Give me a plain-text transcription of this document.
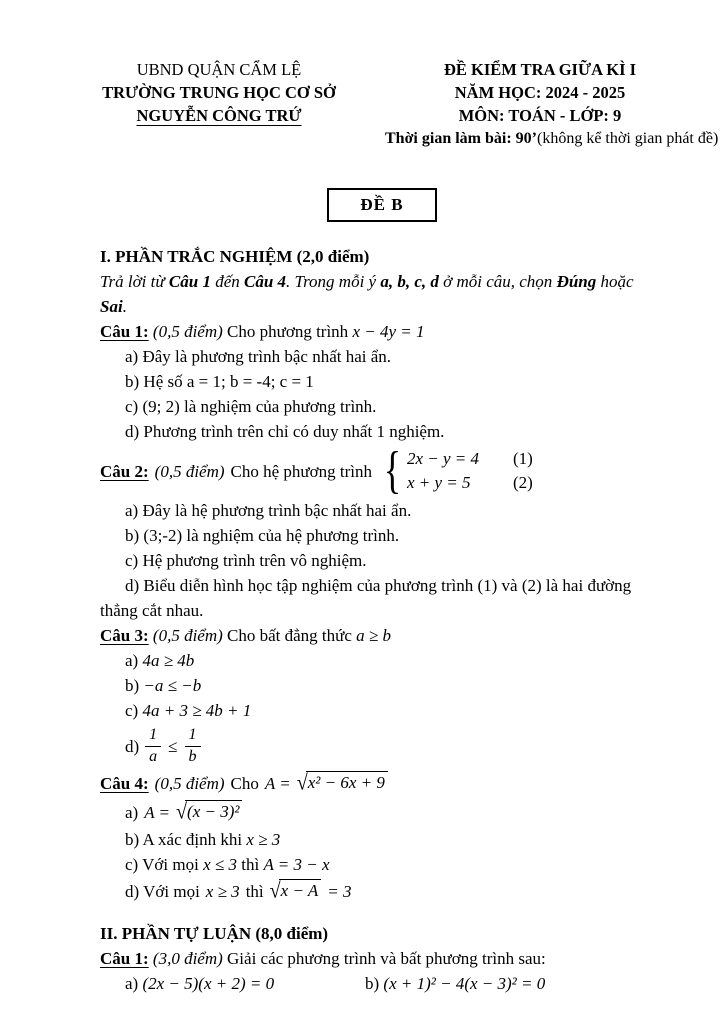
UBND QUẬN CẨM LỆ
TRƯỜNG TRUNG HỌC CƠ SỞ
NGUYỄN CÔNG TRỨ
ĐỀ KIỂM TRA GIỮA KÌ I
NĂM HỌC: 2024 - 2025
MÔN: TOÁN - LỚP: 9
Thời gian làm bài: 90’(không kể thời gian phát đề)
ĐỀ B

I. PHẦN TRẮC NGHIỆM (2,0 điểm)

Trả lời từ Câu 1 đến Câu 4. Trong mỗi ý a, b, c, d ở mỗi câu, chọn Đúng hoặc Sai.

Câu 1: (0,5 điểm) Cho phương trình x − 4y = 1

a) Đây là phương trình bậc nhất hai ẩn.

b) Hệ số a = 1; b = -4; c = 1

c) (9; 2) là nghiệm của phương trình.

d) Phương trình trên chỉ có duy nhất 1 nghiệm.

Câu 2: (0,5 điểm) Cho hệ phương trình { 2x − y = 4	(1)
x + y = 5	(2)

a) Đây là hệ phương trình bậc nhất hai ẩn.

b) (3;-2) là nghiệm của hệ phương trình.

c) Hệ phương trình trên vô nghiệm.

d) Biểu diễn hình học tập nghiệm của phương trình (1) và (2) là hai đường thẳng cắt nhau.

Câu 3: (0,5 điểm) Cho bất đẳng thức a ≥ b

a) 4a ≥ 4b

b) −a ≤ −b

c) 4a + 3 ≥ 4b + 1

$d) \frac{1}{a} \le \frac{1}{b}$
Câu 4: (0,5 điểm) Cho A = √x² − 6x + 9
a) A = √(x − 3)²

b) A xác định khi x ≥ 3

c) Với mọi x ≤ 3 thì A = 3 − x

d) Với mọi x ≥ 3 thì √x − A = 3

II. PHẦN TỰ LUẬN (8,0 điểm)

Câu 1: (3,0 điểm) Giải các phương trình và bất phương trình sau:

a) (2x − 5)(x + 2) = 0	b) (x + 1)² − 4(x − 3)² = 0
